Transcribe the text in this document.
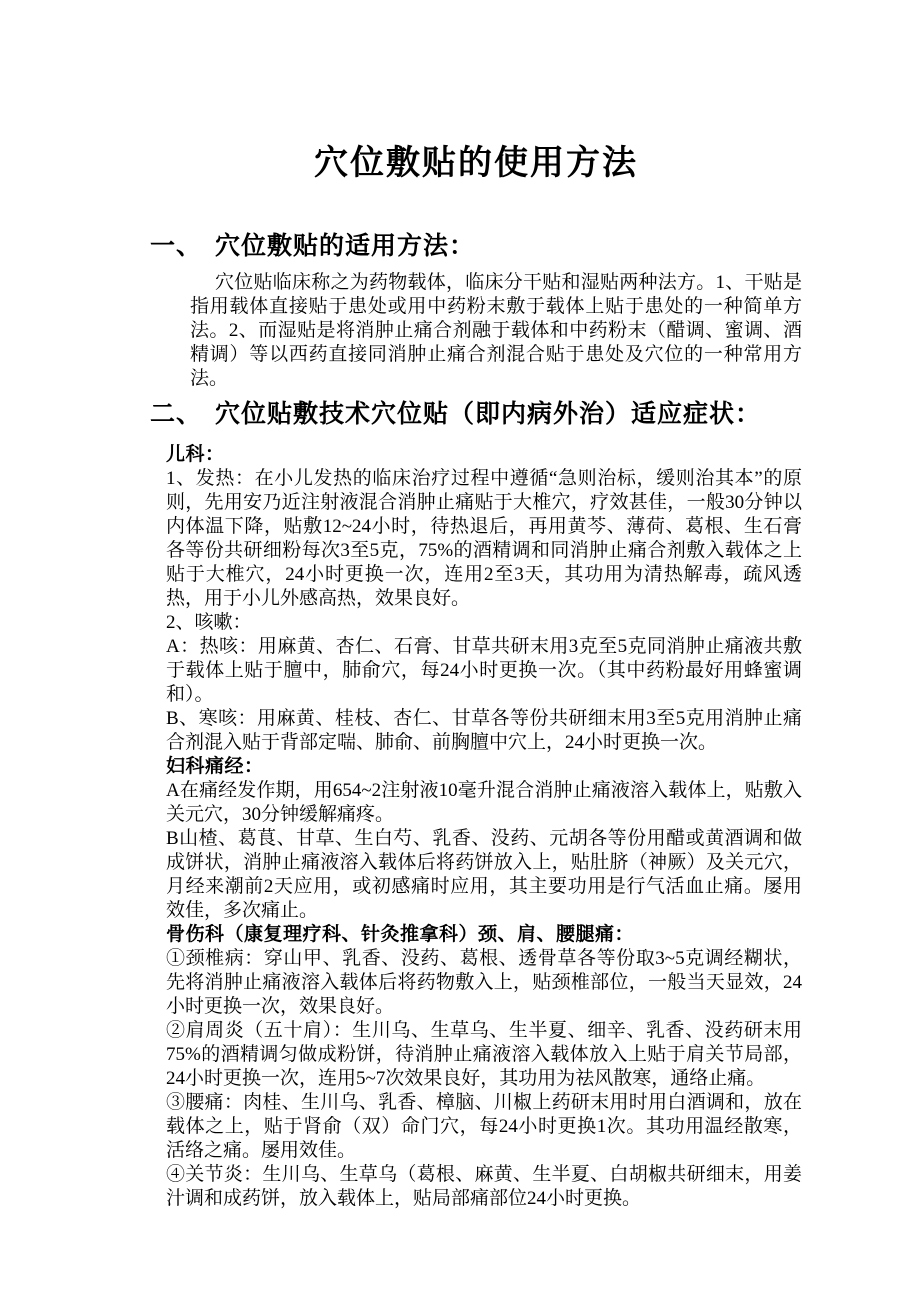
穴位敷贴的使用方法
一、 穴位敷贴的适用方法：

穴位贴临床称之为药物载体，临床分干贴和湿贴两种法方。1、干贴是指用载体直接贴于患处或用中药粉末敷于载体上贴于患处的一种简单方法。2、而湿贴是将消肿止痛合剂融于载体和中药粉末（醋调、蜜调、酒精调）等以西药直接同消肿止痛合剂混合贴于患处及穴位的一种常用方法。

二、 穴位贴敷技术穴位贴（即内病外治）适应症状：

儿科：

1、发热：在小儿发热的临床治疗过程中遵循“急则治标，缓则治其本”的原则，先用安乃近注射液混合消肿止痛贴于大椎穴，疗效甚佳，一般30分钟以内体温下降，贴敷12~24小时，待热退后，再用黄芩、薄荷、葛根、生石膏各等份共研细粉每次3至5克，75%的酒精调和同消肿止痛合剂敷入载体之上贴于大椎穴，24小时更换一次，连用2至3天，其功用为清热解毒，疏风透热，用于小儿外感高热，效果良好。

2、咳嗽：

A：热咳：用麻黄、杏仁、石膏、甘草共研末用3克至5克同消肿止痛液共敷于载体上贴于膻中，肺俞穴，每24小时更换一次。（其中药粉最好用蜂蜜调和）。

B、寒咳：用麻黄、桂枝、杏仁、甘草各等份共研细末用3至5克用消肿止痛合剂混入贴于背部定喘、肺俞、前胸膻中穴上，24小时更换一次。

妇科痛经：

A在痛经发作期，用654~2注射液10毫升混合消肿止痛液溶入载体上，贴敷入关元穴，30分钟缓解痛疼。

B山楂、葛茛、甘草、生白芍、乳香、没药、元胡各等份用醋或黄酒调和做成饼状，消肿止痛液溶入载体后将药饼放入上，贴肚脐（神厥）及关元穴，月经来潮前2天应用，或初感痛时应用，其主要功用是行气活血止痛。屡用效佳，多次痛止。

骨伤科（康复理疗科、针灸推拿科）颈、肩、腰腿痛：

①颈椎病：穿山甲、乳香、没药、葛根、透骨草各等份取3~5克调经糊状，先将消肿止痛液溶入载体后将药物敷入上，贴颈椎部位，一般当天显效，24小时更换一次，效果良好。

②肩周炎（五十肩）：生川乌、生草乌、生半夏、细辛、乳香、没药研末用75%的酒精调匀做成粉饼，待消肿止痛液溶入载体放入上贴于肩关节局部，24小时更换一次，连用5~7次效果良好，其功用为祛风散寒，通络止痛。

③腰痛：肉桂、生川乌、乳香、樟脑、川椒上药研末用时用白酒调和，放在载体之上，贴于肾俞（双）命门穴，每24小时更换1次。其功用温经散寒，活络之痛。屡用效佳。

④关节炎：生川乌、生草乌（葛根、麻黄、生半夏、白胡椒共研细末，用姜汁调和成药饼，放入载体上，贴局部痛部位24小时更换。
